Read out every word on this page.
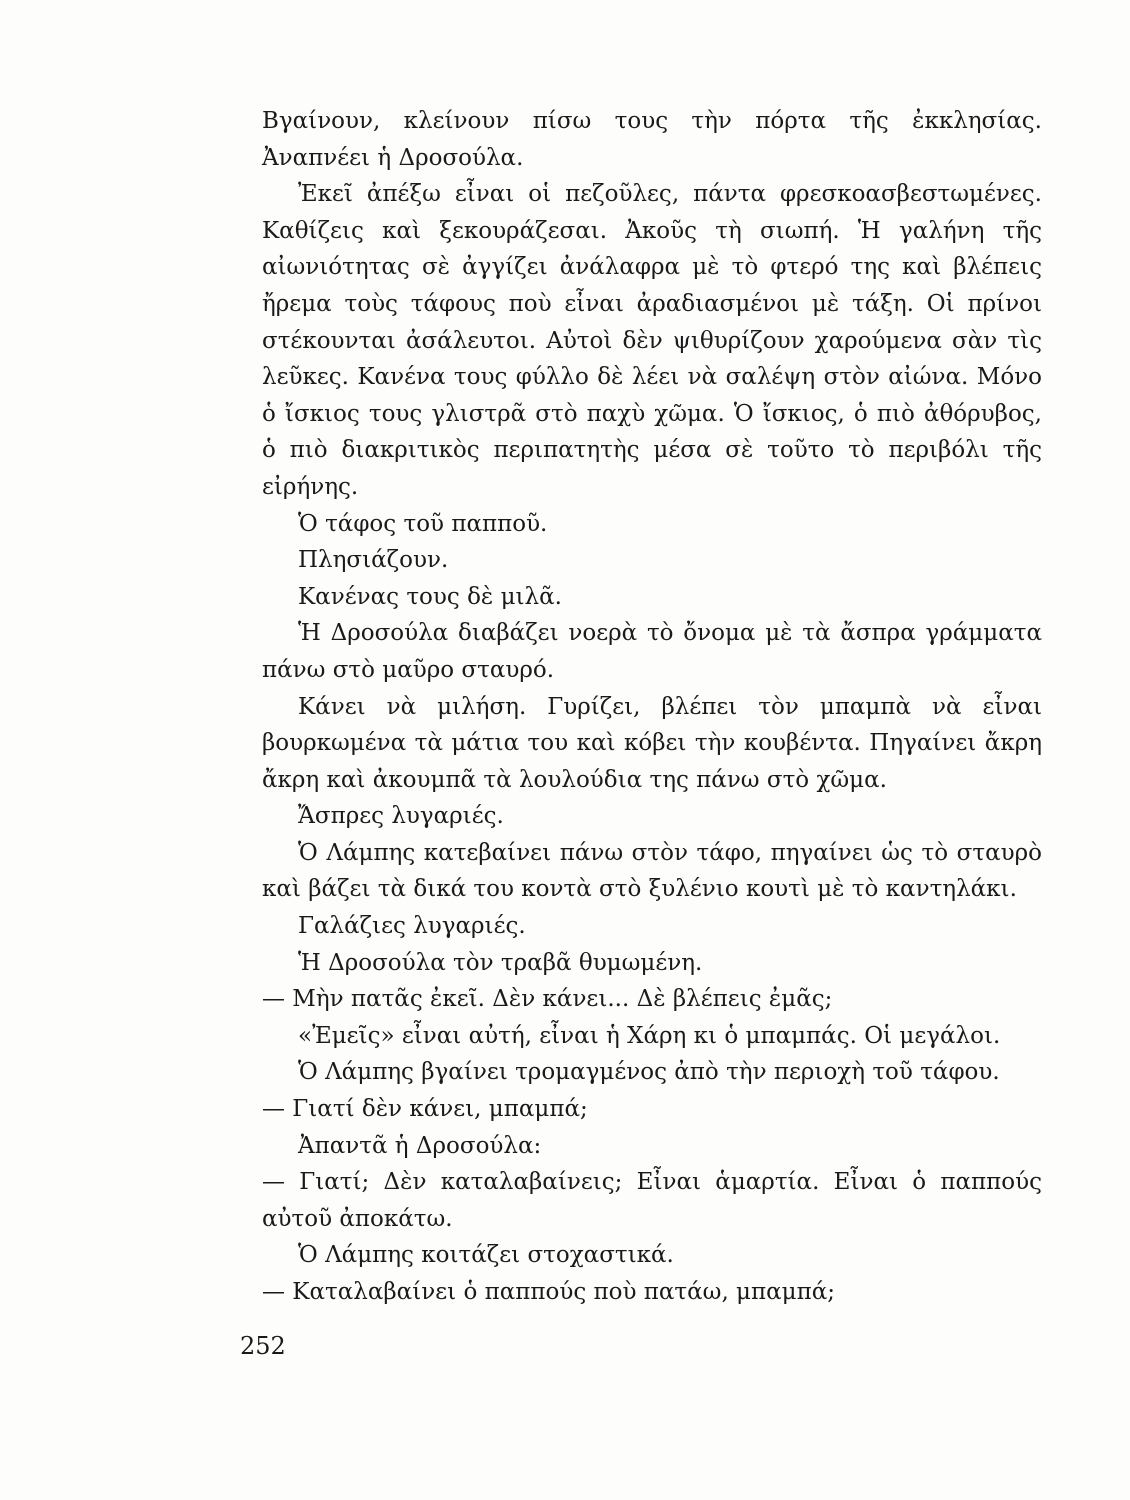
Βγαίνουν, κλείνουν πίσω τους τὴν πόρτα τῆς ἐκκλησίας. Ἀναπνέει ἡ Δροσούλα.

Ἐκεῖ ἀπέξω εἶναι οἱ πεζοῦλες, πάντα φρεσκοασβεστωμένες. Καθίζεις καὶ ξεκουράζεσαι. Ἀκοῦς τὴ σιωπή. Ἡ γαλήνη τῆς αἰωνιότητας σὲ ἀγγίζει ἀνάλαφρα μὲ τὸ φτερό της καὶ βλέπεις ἤρεμα τοὺς τάφους ποὺ εἶναι ἀραδιασμένοι μὲ τάξη. Οἱ πρίνοι στέκουνται ἀσάλευτοι. Αὐτοὶ δὲν ψιθυρίζουν χαρούμενα σὰν τὶς λεῦκες. Κανένα τους φύλλο δὲ λέει νὰ σαλέψη στὸν αἰώνα. Μόνο ὁ ἴσκιος τους γλιστρᾶ στὸ παχὺ χῶμα. Ὁ ἴσκιος, ὁ πιὸ ἀθόρυβος, ὁ πιὸ διακριτικὸς περιπατητὴς μέσα σὲ τοῦτο τὸ περιβόλι τῆς εἰρήνης.

Ὁ τάφος τοῦ παπποῦ.

Πλησιάζουν.

Κανένας τους δὲ μιλᾶ.

Ἡ Δροσούλα διαβάζει νοερὰ τὸ ὄνομα μὲ τὰ ἄσπρα γράμματα πάνω στὸ μαῦρο σταυρό.

Κάνει νὰ μιλήση. Γυρίζει, βλέπει τὸν μπαμπὰ νὰ εἶναι βουρκωμένα τὰ μάτια του καὶ κόβει τὴν κουβέντα. Πηγαίνει ἄκρη ἄκρη καὶ ἀκουμπᾶ τὰ λουλούδια της πάνω στὸ χῶμα.

Ἄσπρες λυγαριές.

Ὁ Λάμπης κατεβαίνει πάνω στὸν τάφο, πηγαίνει ὡς τὸ σταυρὸ καὶ βάζει τὰ δικά του κοντὰ στὸ ξυλένιο κουτὶ μὲ τὸ καντηλάκι.

Γαλάζιες λυγαριές.

Ἡ Δροσούλα τὸν τραβᾶ θυμωμένη.

— Μὴν πατᾶς ἐκεῖ. Δὲν κάνει... Δὲ βλέπεις ἐμᾶς;

«Ἐμεῖς» εἶναι αὐτή, εἶναι ἡ Χάρη κι ὁ μπαμπάς. Οἱ μεγάλοι.

Ὁ Λάμπης βγαίνει τρομαγμένος ἀπὸ τὴν περιοχὴ τοῦ τάφου.

— Γιατί δὲν κάνει, μπαμπά;

Ἀπαντᾶ ἡ Δροσούλα:

— Γιατί; Δὲν καταλαβαίνεις; Εἶναι ἁμαρτία. Εἶναι ὁ παππούς αὐτοῦ ἀποκάτω.

Ὁ Λάμπης κοιτάζει στοχαστικά.

— Καταλαβαίνει ὁ παππούς ποὺ πατάω, μπαμπά;

252
